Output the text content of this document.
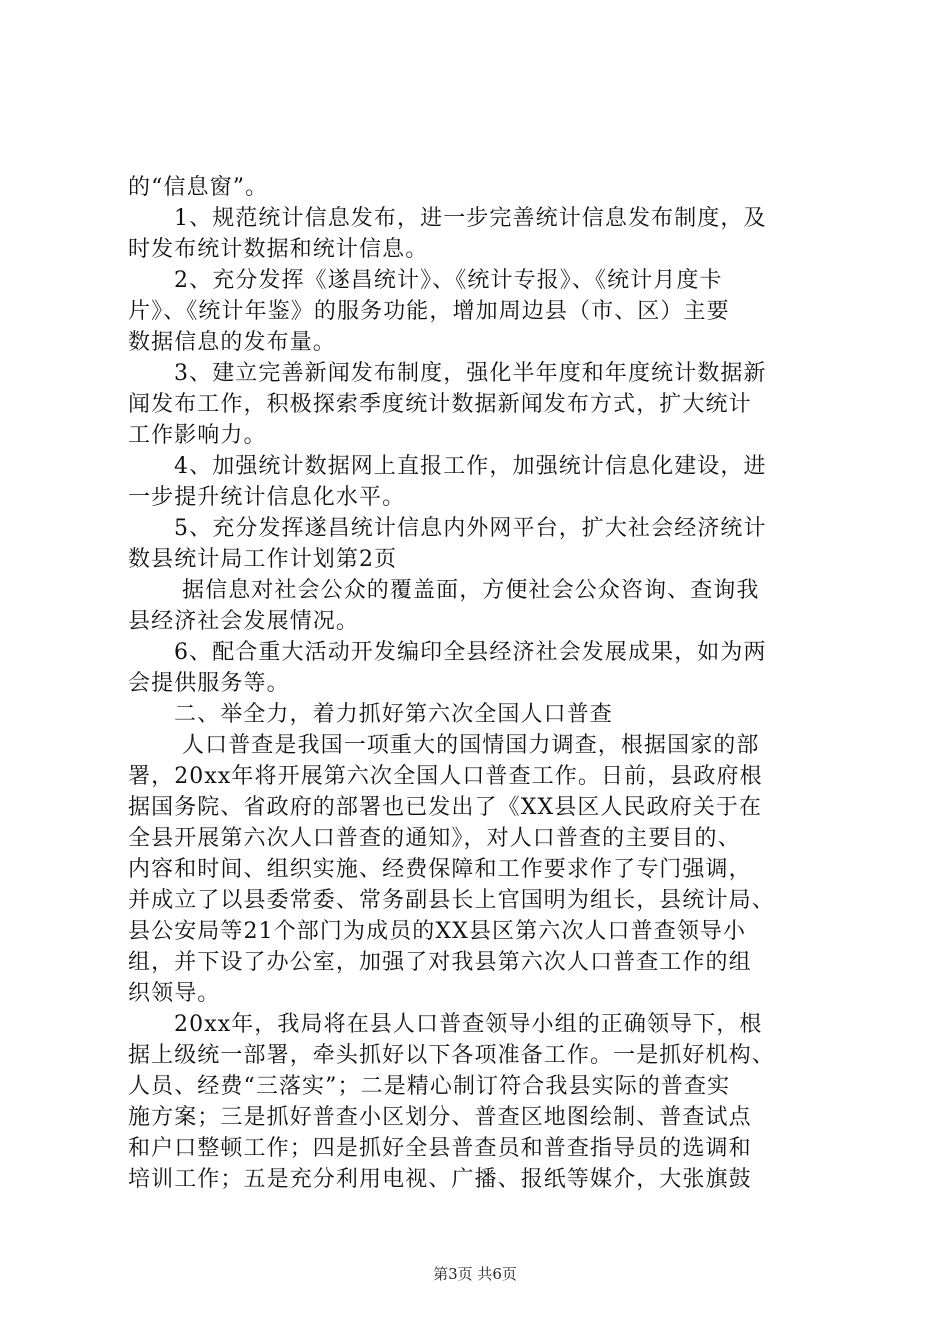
的“信息窗”。
1、规范统计信息发布，进一步完善统计信息发布制度，及
时发布统计数据和统计信息。
2、充分发挥《遂昌统计》、《统计专报》、《统计月度卡
片》、《统计年鉴》的服务功能，增加周边县（市、区）主要
数据信息的发布量。
3、建立完善新闻发布制度，强化半年度和年度统计数据新
闻发布工作，积极探索季度统计数据新闻发布方式，扩大统计
工作影响力。
4、加强统计数据网上直报工作，加强统计信息化建设，进
一步提升统计信息化水平。
5、充分发挥遂昌统计信息内外网平台，扩大社会经济统计
数县统计局工作计划第2页
据信息对社会公众的覆盖面，方便社会公众咨询、查询我
县经济社会发展情况。
6、配合重大活动开发编印全县经济社会发展成果，如为两
会提供服务等。
二、举全力，着力抓好第六次全国人口普查
人口普查是我国一项重大的国情国力调查，根据国家的部
署，20xx年将开展第六次全国人口普查工作。日前，县政府根
据国务院、省政府的部署也已发出了《XX县区人民政府关于在
全县开展第六次人口普查的通知》，对人口普查的主要目的、
内容和时间、组织实施、经费保障和工作要求作了专门强调，
并成立了以县委常委、常务副县长上官国明为组长，县统计局、
县公安局等21个部门为成员的XX县区第六次人口普查领导小
组，并下设了办公室，加强了对我县第六次人口普查工作的组
织领导。
20xx年，我局将在县人口普查领导小组的正确领导下，根
据上级统一部署，牵头抓好以下各项准备工作。一是抓好机构、
人员、经费“三落实”；二是精心制订符合我县实际的普查实
施方案；三是抓好普查小区划分、普查区地图绘制、普查试点
和户口整顿工作；四是抓好全县普查员和普查指导员的选调和
培训工作；五是充分利用电视、广播、报纸等媒介，大张旗鼓
第3页 共6页
